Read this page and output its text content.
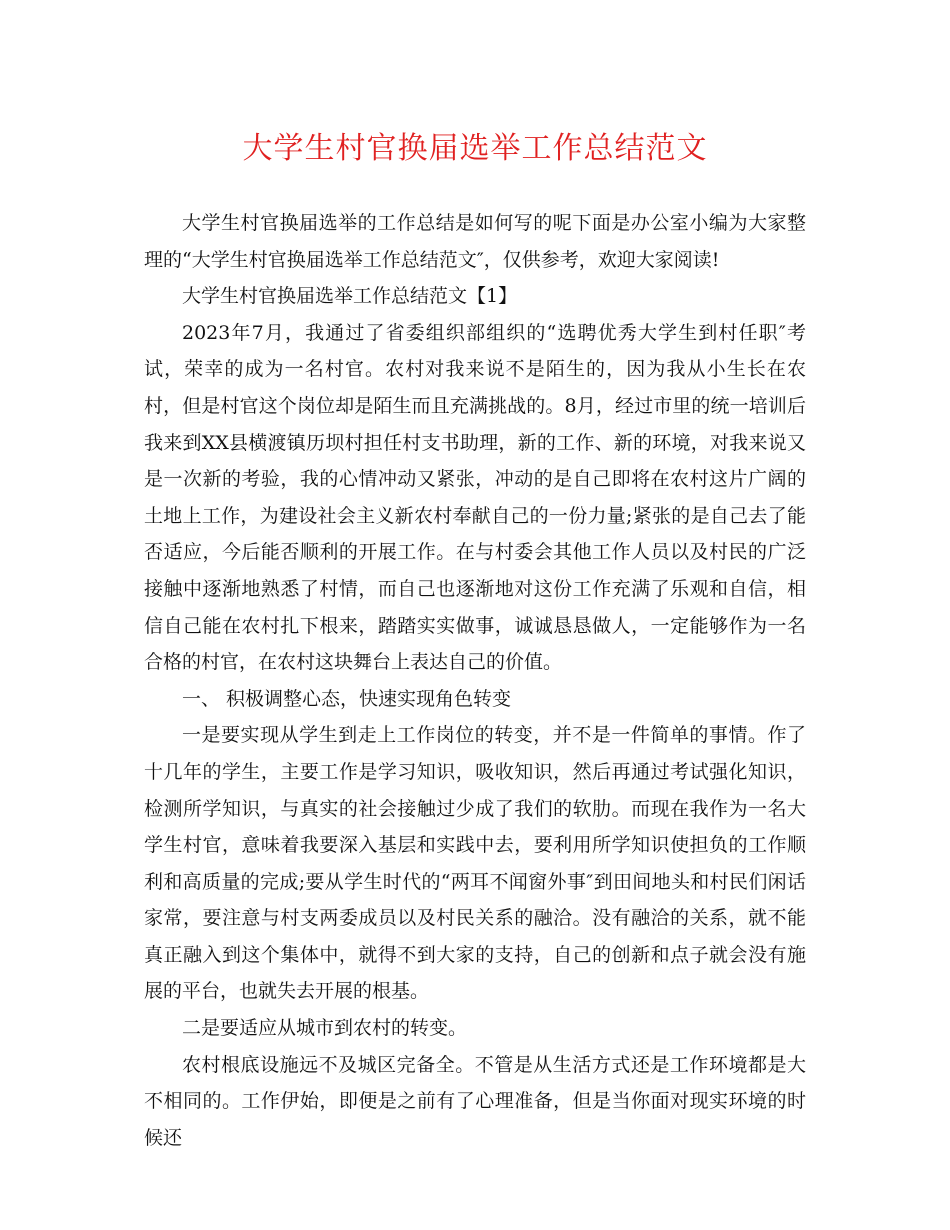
大学生村官换届选举工作总结范文

大学生村官换届选举的工作总结是如何写的呢下面是办公室小编为大家整理的“大学生村官换届选举工作总结范文″，仅供参考，欢迎大家阅读!

大学生村官换届选举工作总结范文【1】

2023年7月，我通过了省委组织部组织的“选聘优秀大学生到村任职″考试，荣幸的成为一名村官。农村对我来说不是陌生的，因为我从小生长在农村，但是村官这个岗位却是陌生而且充满挑战的。8月，经过市里的统一培训后我来到XX县横渡镇历坝村担任村支书助理，新的工作、新的环境，对我来说又是一次新的考验，我的心情冲动又紧张，冲动的是自己即将在农村这片广阔的土地上工作，为建设社会主义新农村奉献自己的一份力量;紧张的是自己去了能否适应，今后能否顺利的开展工作。在与村委会其他工作人员以及村民的广泛接触中逐渐地熟悉了村情，而自己也逐渐地对这份工作充满了乐观和自信，相信自己能在农村扎下根来，踏踏实实做事，诚诚恳恳做人，一定能够作为一名合格的村官，在农村这块舞台上表达自己的价值。

一、 积极调整心态，快速实现角色转变

一是要实现从学生到走上工作岗位的转变，并不是一件简单的事情。作了十几年的学生，主要工作是学习知识，吸收知识，然后再通过考试强化知识，检测所学知识，与真实的社会接触过少成了我们的软肋。而现在我作为一名大学生村官，意味着我要深入基层和实践中去，要利用所学知识使担负的工作顺利和高质量的完成;要从学生时代的“两耳不闻窗外事″到田间地头和村民们闲话家常，要注意与村支两委成员以及村民关系的融洽。没有融洽的关系，就不能真正融入到这个集体中，就得不到大家的支持，自己的创新和点子就会没有施展的平台，也就失去开展的根基。

二是要适应从城市到农村的转变。

农村根底设施远不及城区完备全。不管是从生活方式还是工作环境都是大不相同的。工作伊始，即便是之前有了心理准备，但是当你面对现实环境的时候还
